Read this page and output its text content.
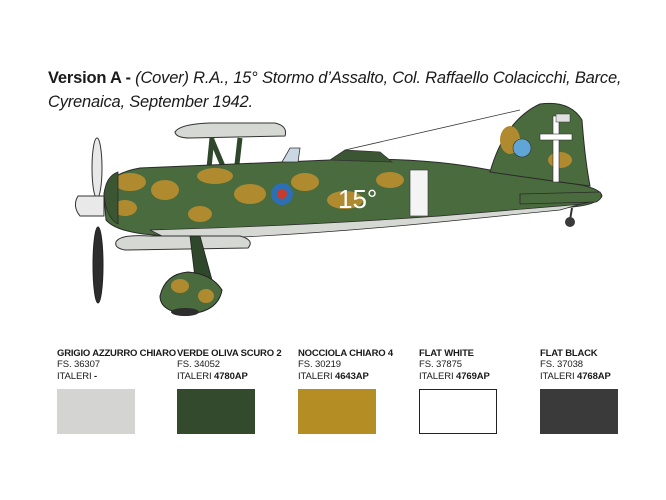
Version A - (Cover) R.A., 15° Stormo d’Assalto, Col. Raffaello Colacicchi, Barce, Cyrenaica, September 1942.
15°
GRIGIO AZZURRO CHIARO
FS. 36307
ITALERI -
VERDE OLIVA SCURO 2
FS. 34052
ITALERI 4780AP
NOCCIOLA CHIARO 4
FS. 30219
ITALERI 4643AP
FLAT WHITE
FS. 37875
ITALERI 4769AP
FLAT BLACK
FS. 37038
ITALERI 4768AP
